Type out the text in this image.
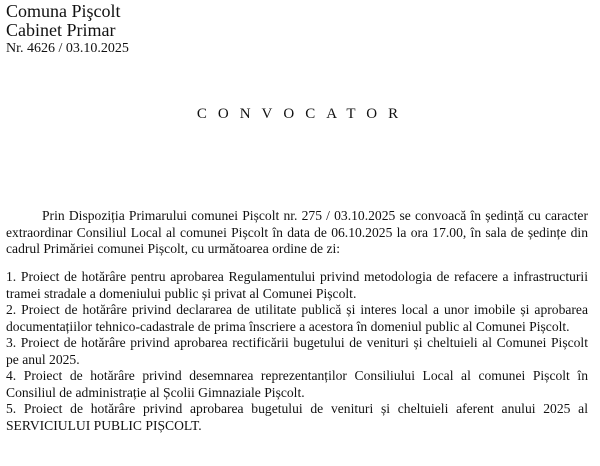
Comuna Pişcolt
Cabinet Primar
Nr. 4626 / 03.10.2025
CONVOCATOR

Prin Dispoziția Primarului comunei Pișcolt nr. 275 / 03.10.2025 se convoacă în ședință cu caracter extraordinar Consiliul Local al comunei Pișcolt în data de 06.10.2025 la ora 17.00, în sala de ședințe din cadrul Primăriei comunei Pișcolt, cu următoarea ordine de zi:

1. Proiect de hotărâre pentru aprobarea Regulamentului privind metodologia de refacere a infrastructurii tramei stradale a domeniului public și privat al Comunei Pișcolt.
2. Proiect de hotărâre privind declararea de utilitate publică și interes local a unor imobile și aprobarea documentațiilor tehnico-cadastrale de prima înscriere a acestora în domeniul public al Comunei Pișcolt.
3. Proiect de hotărâre privind aprobarea rectificării bugetului de venituri și cheltuieli al Comunei Pișcolt pe anul 2025.
4. Proiect de hotărâre privind desemnarea reprezentanților Consiliului Local al comunei Pișcolt în Consiliul de administrație al Școlii Gimnaziale Pișcolt.
5. Proiect de hotărâre privind aprobarea bugetului de venituri și cheltuieli aferent anului 2025 al SERVICIULUI PUBLIC PIȘCOLT.
